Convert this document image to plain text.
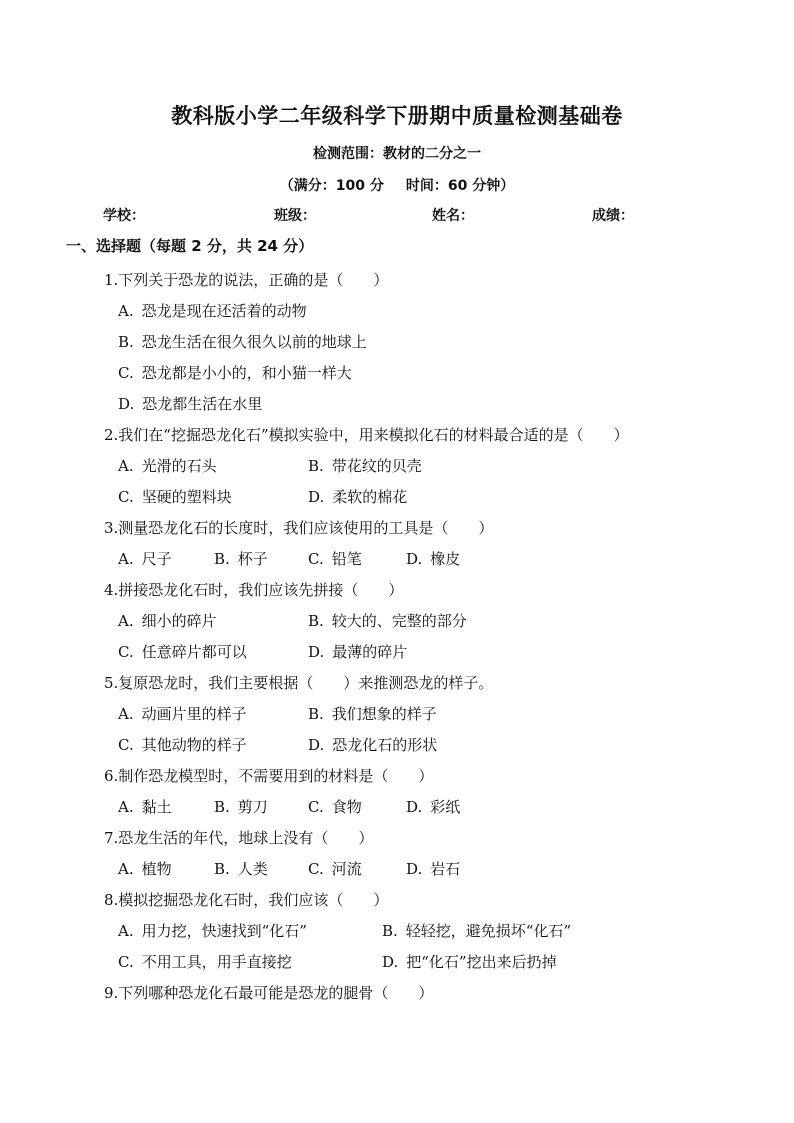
教科版小学二年级科学下册期中质量检测基础卷
检测范围：教材的二分之一
（满分：100 分 时间：60 分钟）
学校：	班级：	姓名：	成绩：
一、选择题（每题 2 分，共 24 分）
1.下列关于恐龙的说法，正确的是（　　）
A. 恐龙是现在还活着的动物
B. 恐龙生活在很久很久以前的地球上
C. 恐龙都是小小的，和小猫一样大
D. 恐龙都生活在水里
2.我们在“挖掘恐龙化石”模拟实验中，用来模拟化石的材料最合适的是（　　）
A. 光滑的石头	B. 带花纹的贝壳
C. 坚硬的塑料块	D. 柔软的棉花
3.测量恐龙化石的长度时，我们应该使用的工具是（　　）
A. 尺子	B. 杯子	C. 铅笔	D. 橡皮
4.拼接恐龙化石时，我们应该先拼接（　　）
A. 细小的碎片	B. 较大的、完整的部分
C. 任意碎片都可以	D. 最薄的碎片
5.复原恐龙时，我们主要根据（　　）来推测恐龙的样子。
A. 动画片里的样子	B. 我们想象的样子
C. 其他动物的样子	D. 恐龙化石的形状
6.制作恐龙模型时，不需要用到的材料是（　　）
A. 黏土	B. 剪刀	C. 食物	D. 彩纸
7.恐龙生活的年代，地球上没有（　　）
A. 植物	B. 人类	C. 河流	D. 岩石
8.模拟挖掘恐龙化石时，我们应该（　　）
A. 用力挖，快速找到“化石”	B. 轻轻挖，避免损坏“化石”
C. 不用工具，用手直接挖	D. 把“化石”挖出来后扔掉
9.下列哪种恐龙化石最可能是恐龙的腿骨（　　）
